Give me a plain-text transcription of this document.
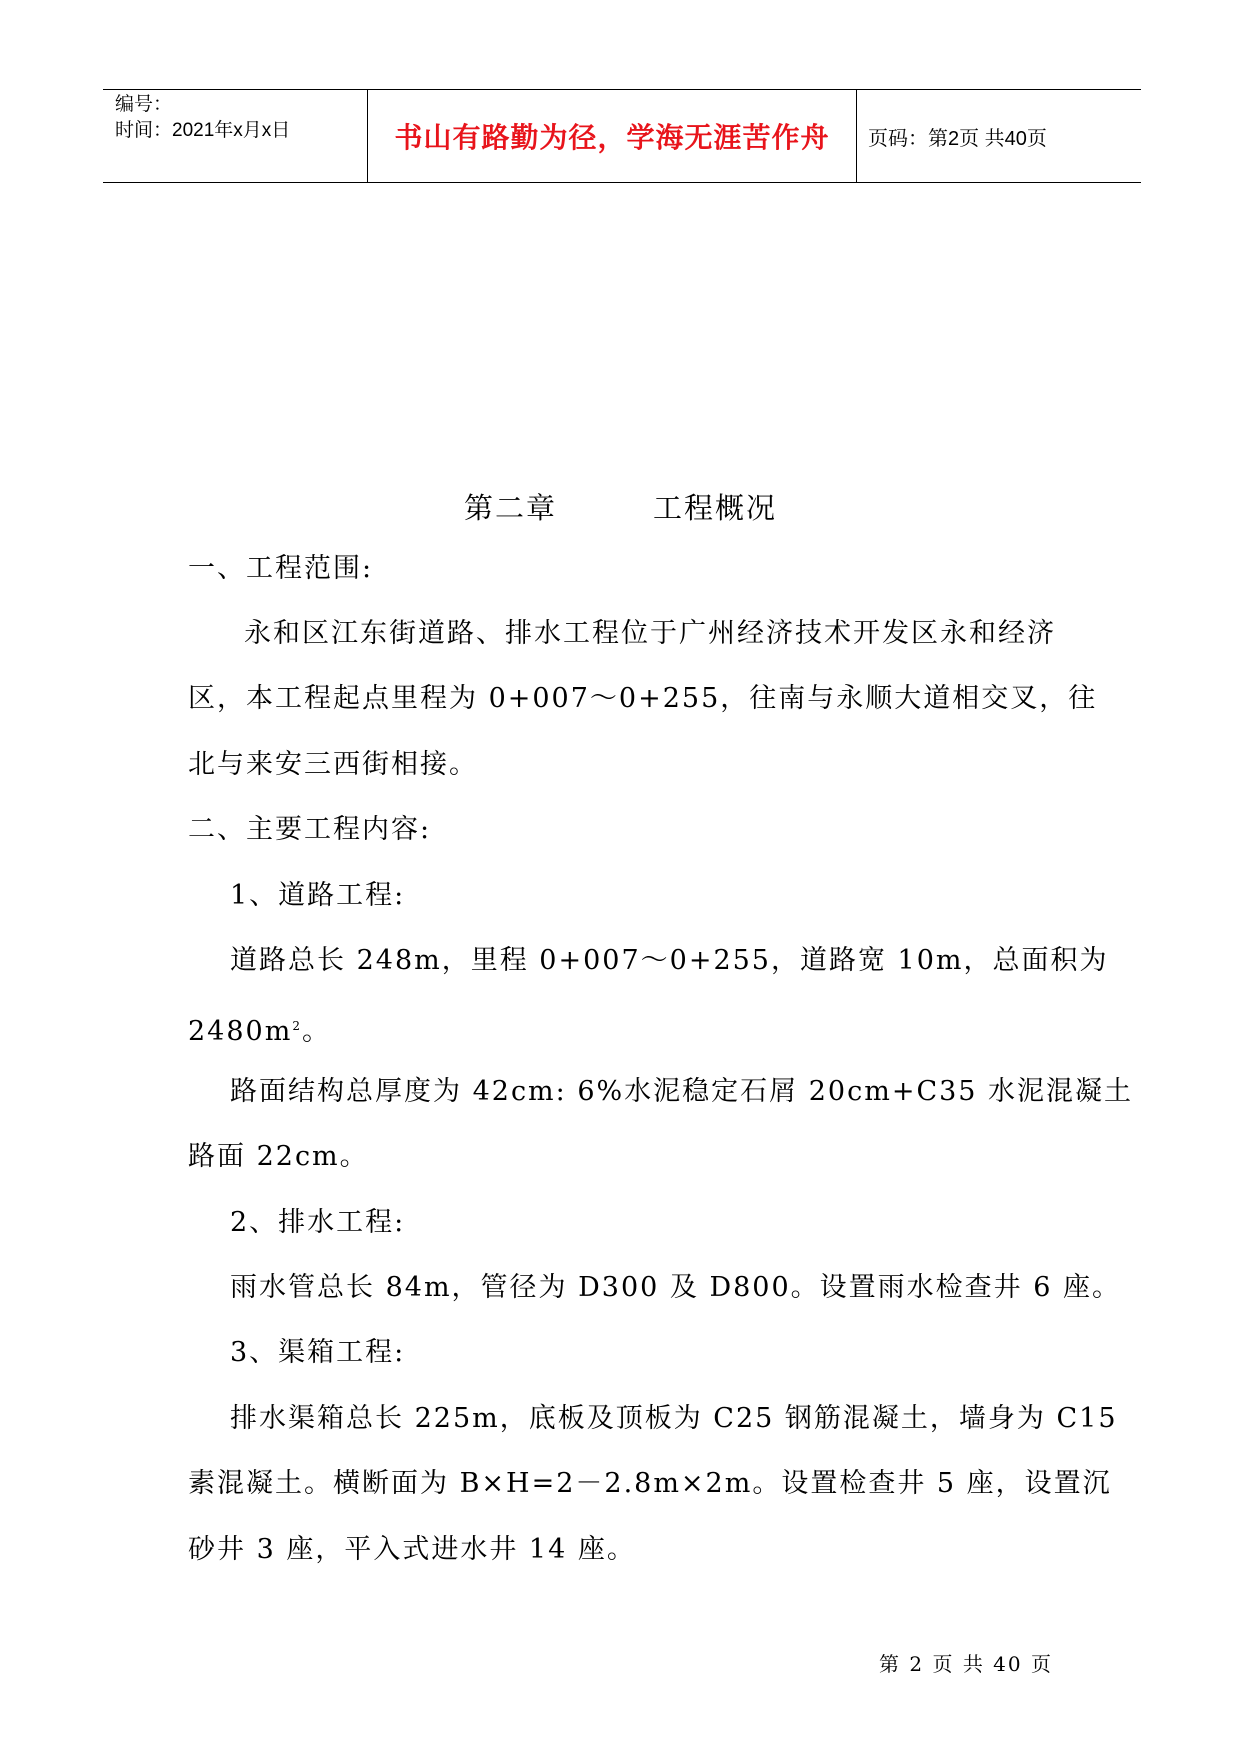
编号：
时间：2021年x月x日	书山有路勤为径，学海无涯苦作舟	页码：第2页 共40页
第二章	工程概况
一、工程范围:
永和区江东街道路、排水工程位于广州经济技术开发区永和经济
区，本工程起点里程为 0+007～0+255，往南与永顺大道相交叉，往
北与来安三西街相接。
二、主要工程内容:
1、道路工程:
道路总长 248m，里程 0+007～0+255，道路宽 10m，总面积为
$2480m^2$。
路面结构总厚度为 42cm: 6%水泥稳定石屑 20cm+C35 水泥混凝土
路面 22cm。
2、排水工程:
雨水管总长 84m，管径为 D300 及 D800。设置雨水检查井 6 座。
3、渠箱工程:
排水渠箱总长 225m，底板及顶板为 C25 钢筋混凝土，墙身为 C15
素混凝土。横断面为 B×H=2－2.8m×2m。设置检查井 5 座，设置沉
砂井 3 座，平入式进水井 14 座。
第 2 页 共 40 页
